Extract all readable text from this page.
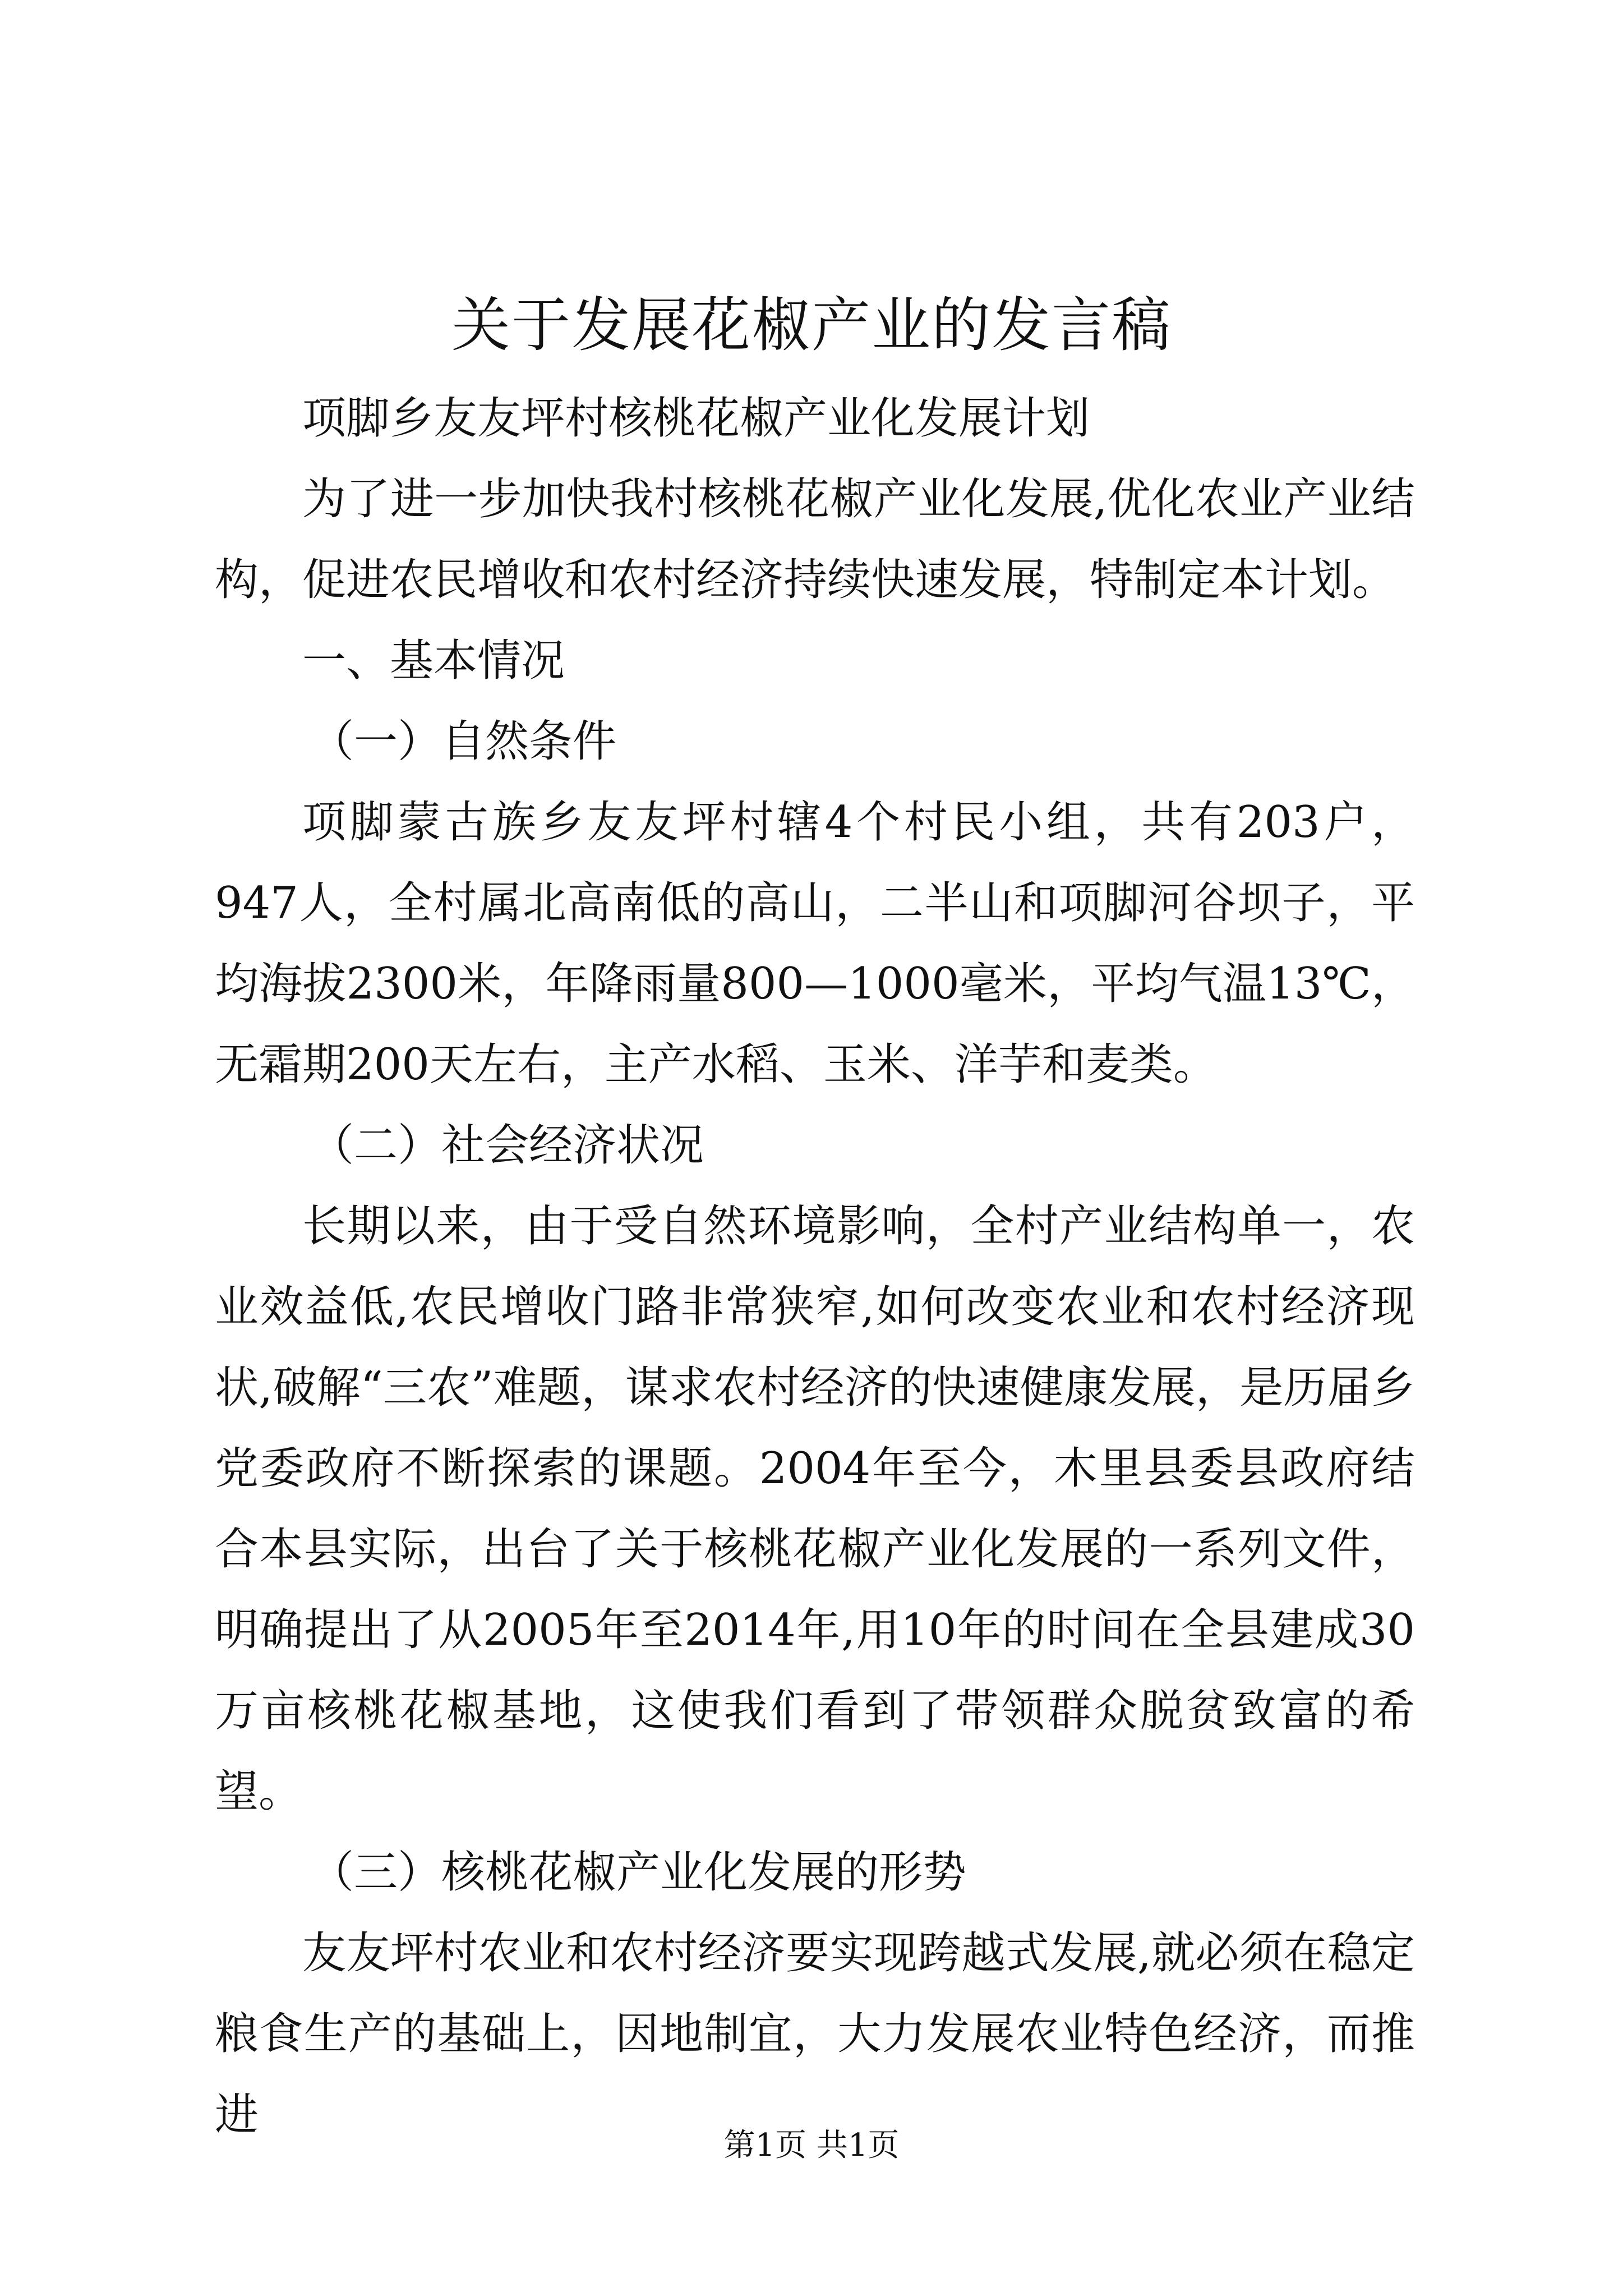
关于发展花椒产业的发言稿

项脚乡友友坪村核桃花椒产业化发展计划

为了进一步加快我村核桃花椒产业化发展,优化农业产业结构，促进农民增收和农村经济持续快速发展，特制定本计划。

一、基本情况

（一）自然条件

项脚蒙古族乡友友坪村辖4个村民小组，共有203户，947人，全村属北高南低的高山，二半山和项脚河谷坝子，平均海拔2300米，年降雨量800—1000毫米，平均气温13℃，无霜期200天左右，主产水稻、玉米、洋芋和麦类。

（二）社会经济状况

长期以来，由于受自然环境影响，全村产业结构单一，农业效益低,农民增收门路非常狭窄,如何改变农业和农村经济现状,破解“三农”难题，谋求农村经济的快速健康发展，是历届乡党委政府不断探索的课题。2004年至今，木里县委县政府结合本县实际，出台了关于核桃花椒产业化发展的一系列文件，明确提出了从2005年至2014年,用10年的时间在全县建成30万亩核桃花椒基地，这使我们看到了带领群众脱贫致富的希望。

（三）核桃花椒产业化发展的形势

友友坪村农业和农村经济要实现跨越式发展,就必须在稳定粮食生产的基础上，因地制宜，大力发展农业特色经济，而推进

第1页 共1页
